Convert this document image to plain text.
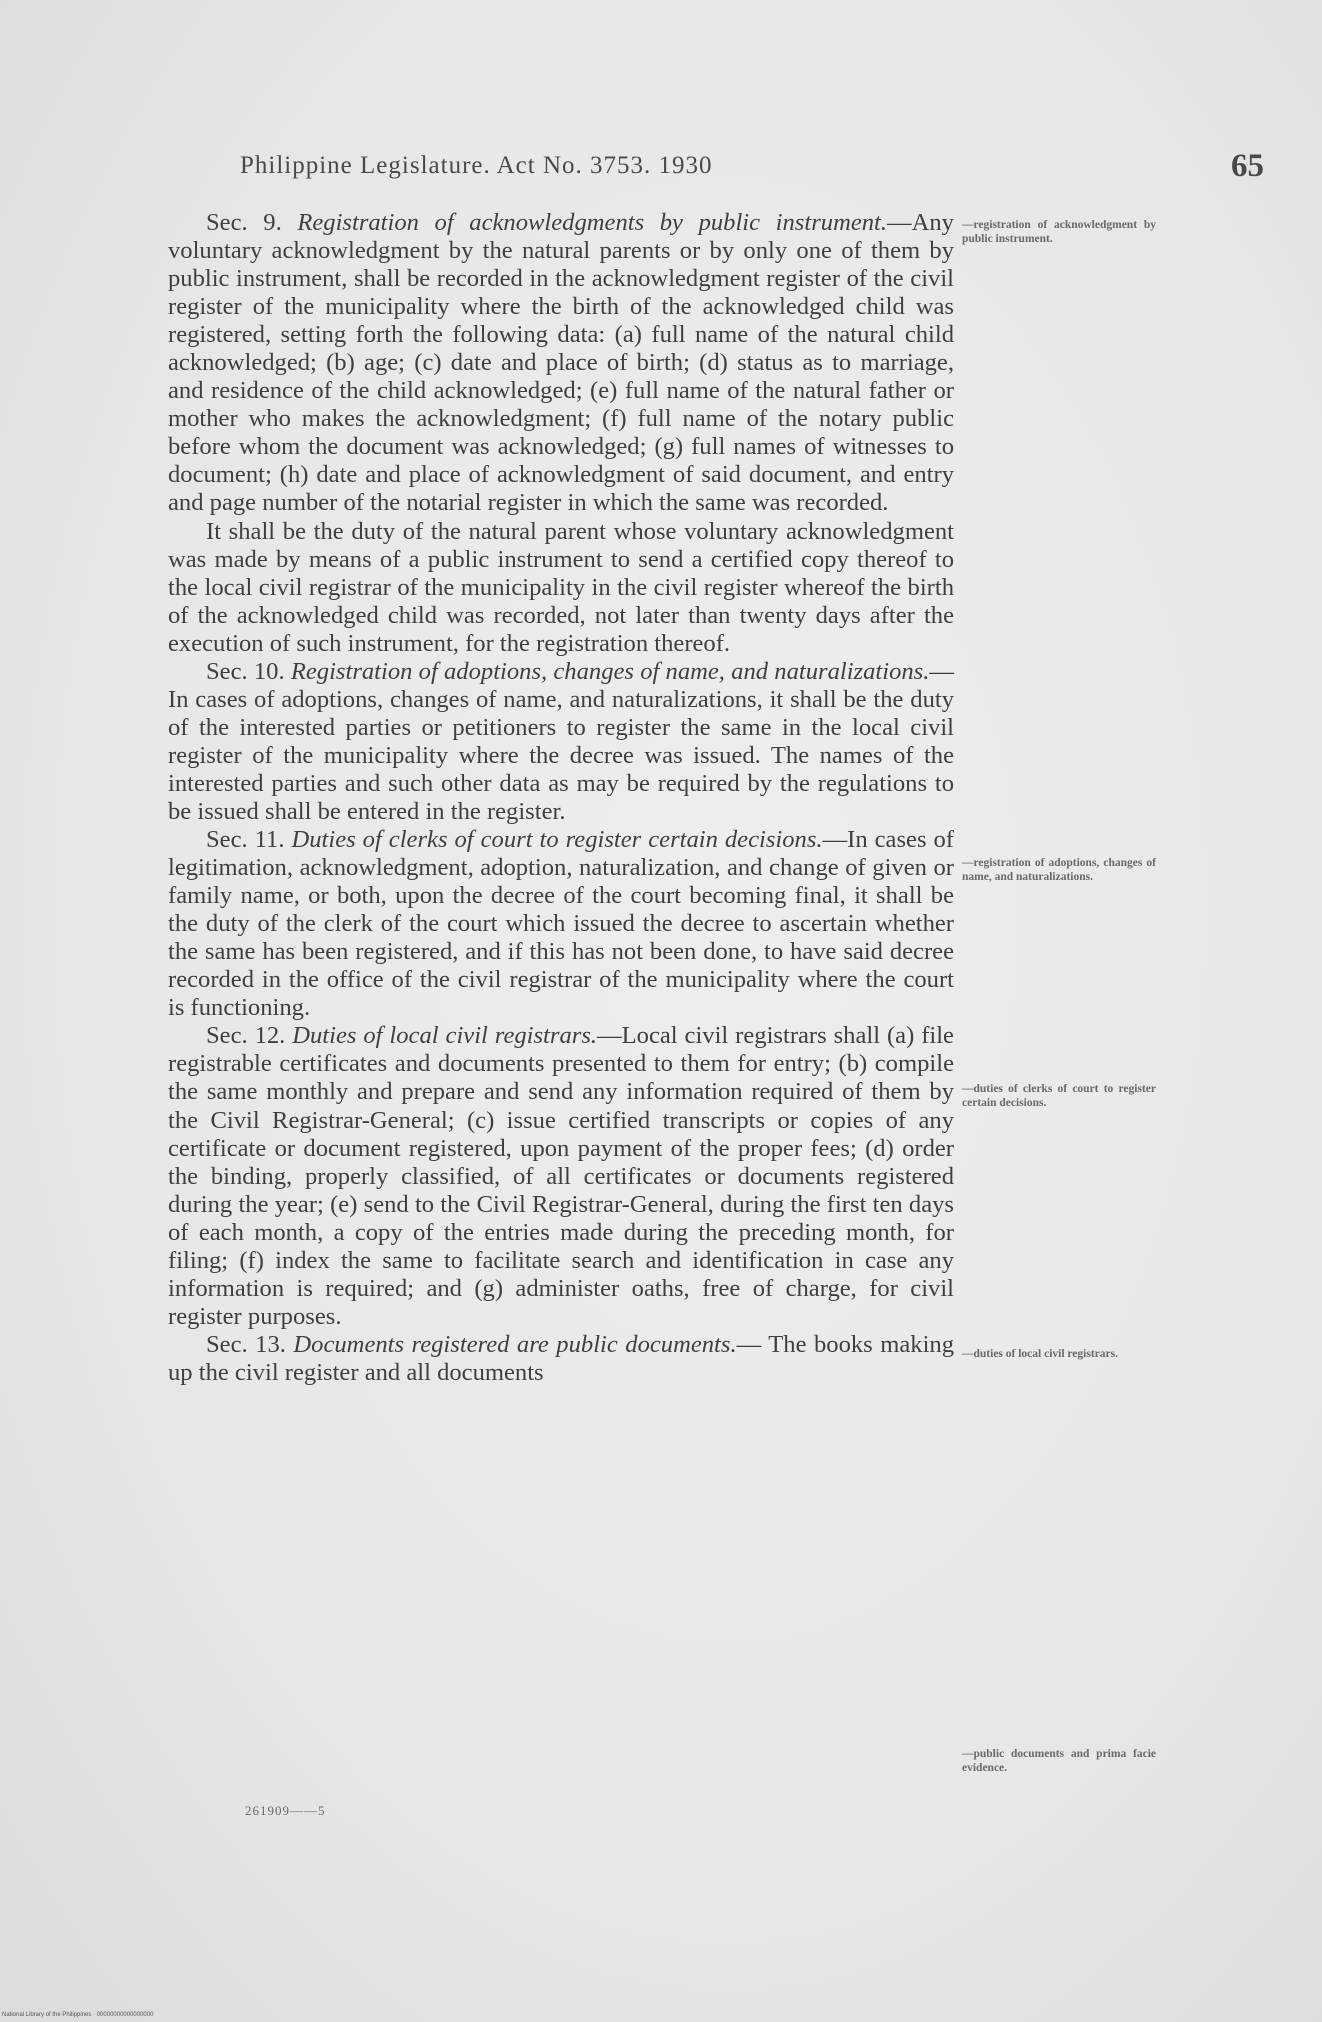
Philippine Legislature. Act No. 3753. 1930	65

Sec. 9. Registration of acknowledgments by public instrument.—Any voluntary acknowledgment by the natural parents or by only one of them by public instrument, shall be recorded in the acknowledgment register of the civil register of the municipality where the birth of the acknowledged child was registered, setting forth the following data: (a) full name of the natural child acknowledged; (b) age; (c) date and place of birth; (d) status as to marriage, and residence of the child acknowledged; (e) full name of the natural father or mother who makes the acknowledgment; (f) full name of the notary public before whom the document was acknowledged; (g) full names of witnesses to document; (h) date and place of acknowledgment of said document, and entry and page number of the notarial register in which the same was recorded.

It shall be the duty of the natural parent whose voluntary acknowledgment was made by means of a public instrument to send a certified copy thereof to the local civil registrar of the municipality in the civil register whereof the birth of the acknowledged child was recorded, not later than twenty days after the execution of such instrument, for the registration thereof.

Sec. 10. Registration of adoptions, changes of name, and naturalizations.—In cases of adoptions, changes of name, and naturalizations, it shall be the duty of the interested parties or petitioners to register the same in the local civil register of the municipality where the decree was issued. The names of the interested parties and such other data as may be required by the regulations to be issued shall be entered in the register.

Sec. 11. Duties of clerks of court to register certain decisions.—In cases of legitimation, acknowledgment, adoption, naturalization, and change of given or family name, or both, upon the decree of the court becoming final, it shall be the duty of the clerk of the court which issued the decree to ascertain whether the same has been registered, and if this has not been done, to have said decree recorded in the office of the civil registrar of the municipality where the court is functioning.

Sec. 12. Duties of local civil registrars.—Local civil registrars shall (a) file registrable certificates and documents presented to them for entry; (b) compile the same monthly and prepare and send any information required of them by the Civil Registrar-General; (c) issue certified transcripts or copies of any certificate or document registered, upon payment of the proper fees; (d) order the binding, properly classified, of all certificates or documents registered during the year; (e) send to the Civil Registrar-General, during the first ten days of each month, a copy of the entries made during the preceding month, for filing; (f) index the same to facilitate search and identification in case any information is required; and (g) administer oaths, free of charge, for civil register purposes.

Sec. 13. Documents registered are public documents.— The books making up the civil register and all documents

—registration of acknowledgment by public instrument.
—registration of adoptions, changes of name, and naturalizations.
—duties of clerks of court to register certain decisions.
—duties of local civil registrars.
—public documents and prima facie evidence.
261909——5
National Library of the Philippines · 00000000000000000
